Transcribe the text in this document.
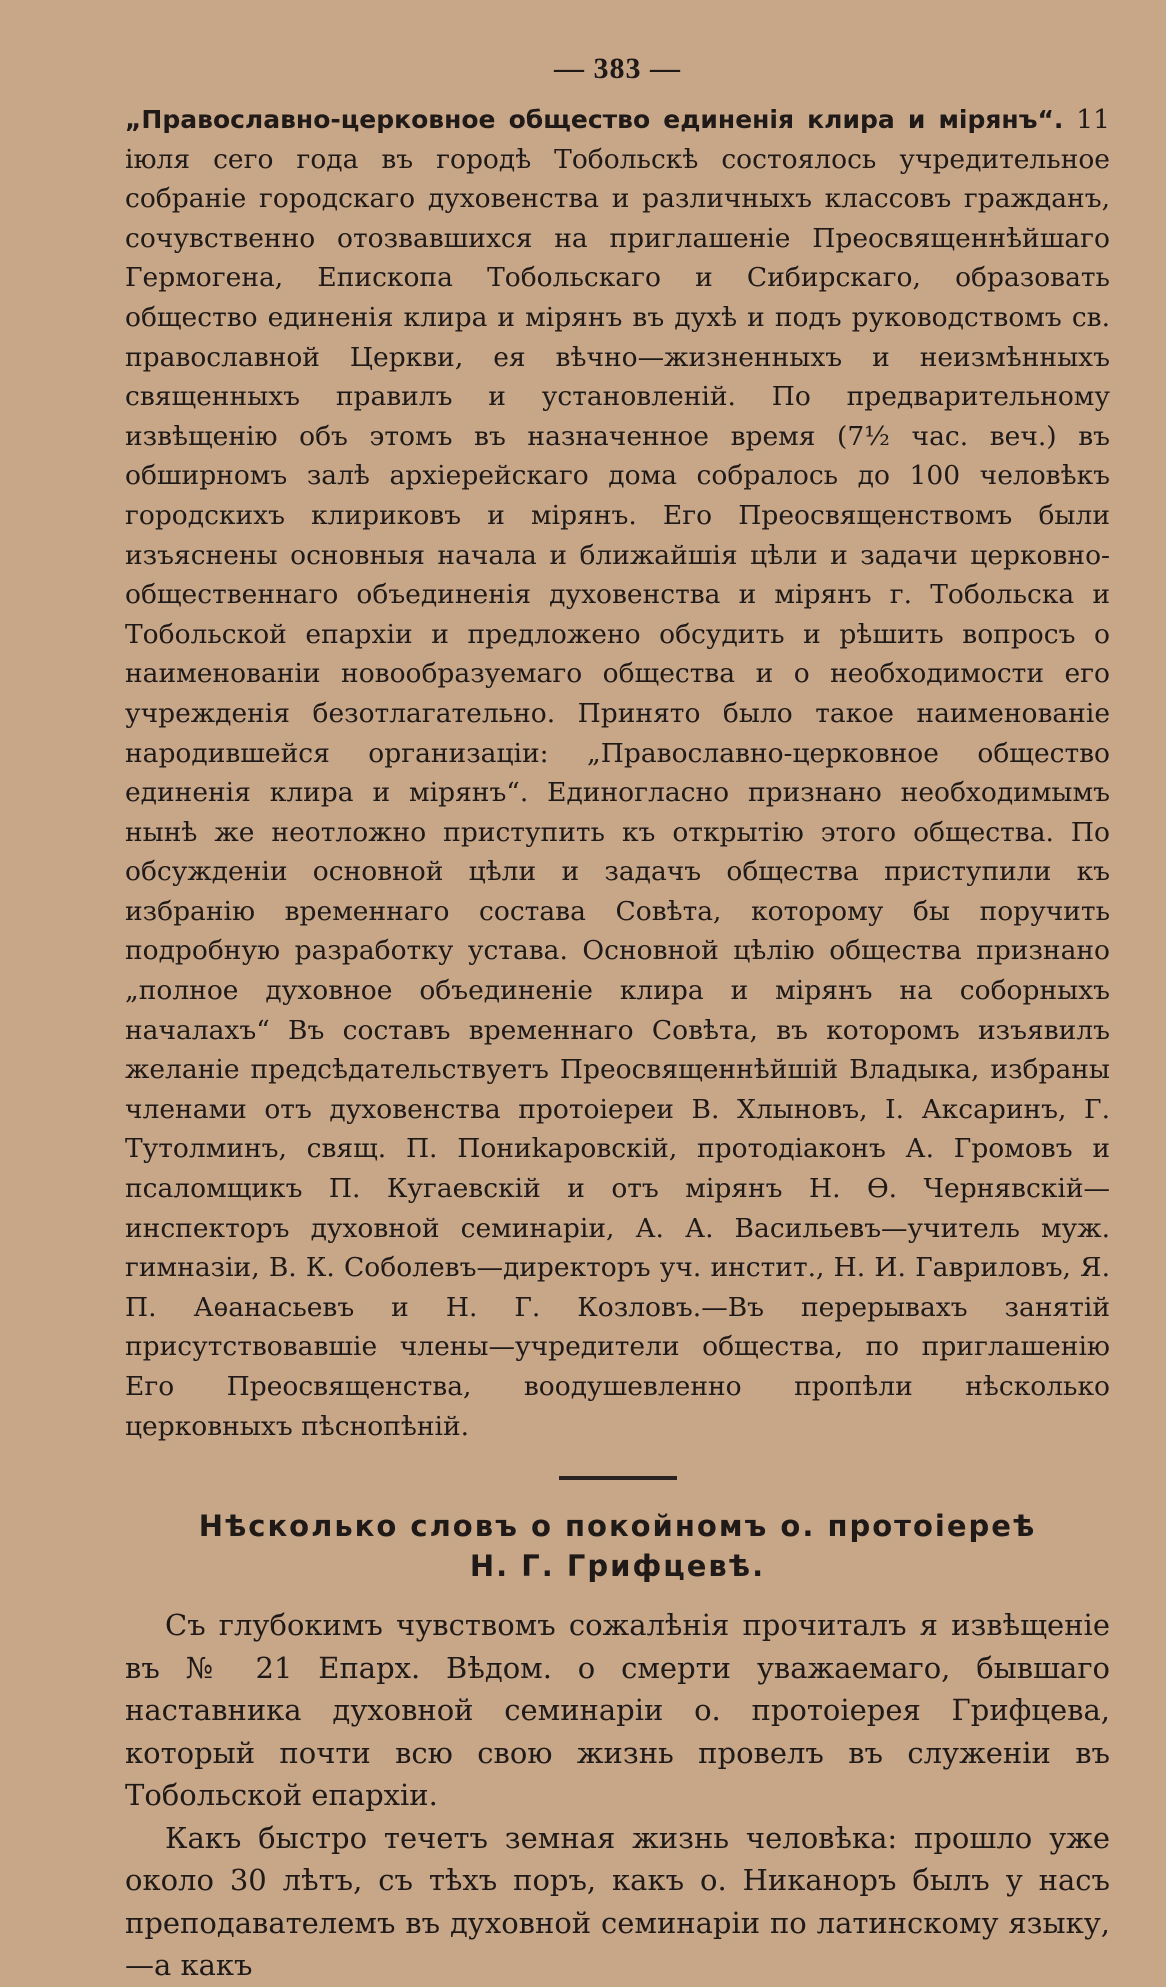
— 383 —

„Православно-церковное общество единенія клира и мірянъ“. 11 іюля сего года въ городѣ Тобольскѣ состоялось учредительное собраніе городскаго духовенства и различныхъ классовъ гражданъ, сочувственно отозвавшихся на приглашеніе Преосвященнѣйшаго Гермогена, Епископа Тобольскаго и Сибирскаго, образовать общество единенія клира и мірянъ въ духѣ и подъ руководствомъ св. православной Церкви, ея вѣчно—жизненныхъ и неизмѣнныхъ священныхъ правилъ и установленій. По предварительному извѣщенію объ этомъ въ назначенное время (7½ час. веч.) въ обширномъ залѣ архіерейскаго дома собралось до 100 человѣкъ городскихъ клириковъ и мірянъ. Его Преосвященствомъ были изъяснены основныя начала и ближайшія цѣли и задачи церковно-общественнаго объединенія духовенства и мірянъ г. Тобольска и Тобольской епархіи и предложено обсудить и рѣшить вопросъ о наименованіи новообразуемаго общества и о необходимости его учрежденія безотлагательно. Принято было такое наименованіе народившейся организаціи: „Православно-церковное общество единенія клира и мірянъ“. Единогласно признано необходимымъ нынѣ же неотложно приступить къ открытію этого общества. По обсужденіи основной цѣли и задачъ общества приступили къ избранію временнаго состава Совѣта, которому бы поручить подробную разработку устава. Основной цѣлію общества признано „полное духовное объединеніе клира и мірянъ на соборныхъ началахъ“ Въ составъ временнаго Совѣта, въ которомъ изъявилъ желаніе предсѣдательствуетъ Преосвященнѣйшій Владыка, избраны членами отъ духовенства протоіереи В. Хлыновъ, І. Аксаринъ, Г. Тутолминъ, свящ. П. Пониkаровскій, протодіаконъ А. Громовъ и псаломщикъ П. Кугаевскій и отъ мірянъ Н. Ѳ. Чернявскій—инспекторъ духовной семинаріи, А. А. Васильевъ—учитель муж. гимназіи, В. К. Соболевъ—директоръ уч. инстит., Н. И. Гавриловъ, Я. П. Аѳанасьевъ и Н. Г. Козловъ.—Въ перерывахъ занятій присутствовавшіе члены—учредители общества, по приглашенію Его Преосвященства, воодушевленно пропѣли нѣсколько церковныхъ пѣснопѣній.

Нѣсколько словъ о покойномъ о. протоіереѣ
Н. Г. Грифцевѣ.

Съ глубокимъ чувствомъ сожалѣнія прочиталъ я извѣщеніе въ № 21 Епарх. Вѣдом. о смерти уважаемаго, бывшаго наставника духовной семинаріи о. протоіерея Грифцева, который почти всю свою жизнь провелъ въ служеніи въ Тобольской епархіи.

Какъ быстро течетъ земная жизнь человѣка: прошло уже около 30 лѣтъ, съ тѣхъ поръ, какъ о. Никаноръ былъ у насъ преподавателемъ въ духовной семинаріи по латинскому языку,—а какъ
